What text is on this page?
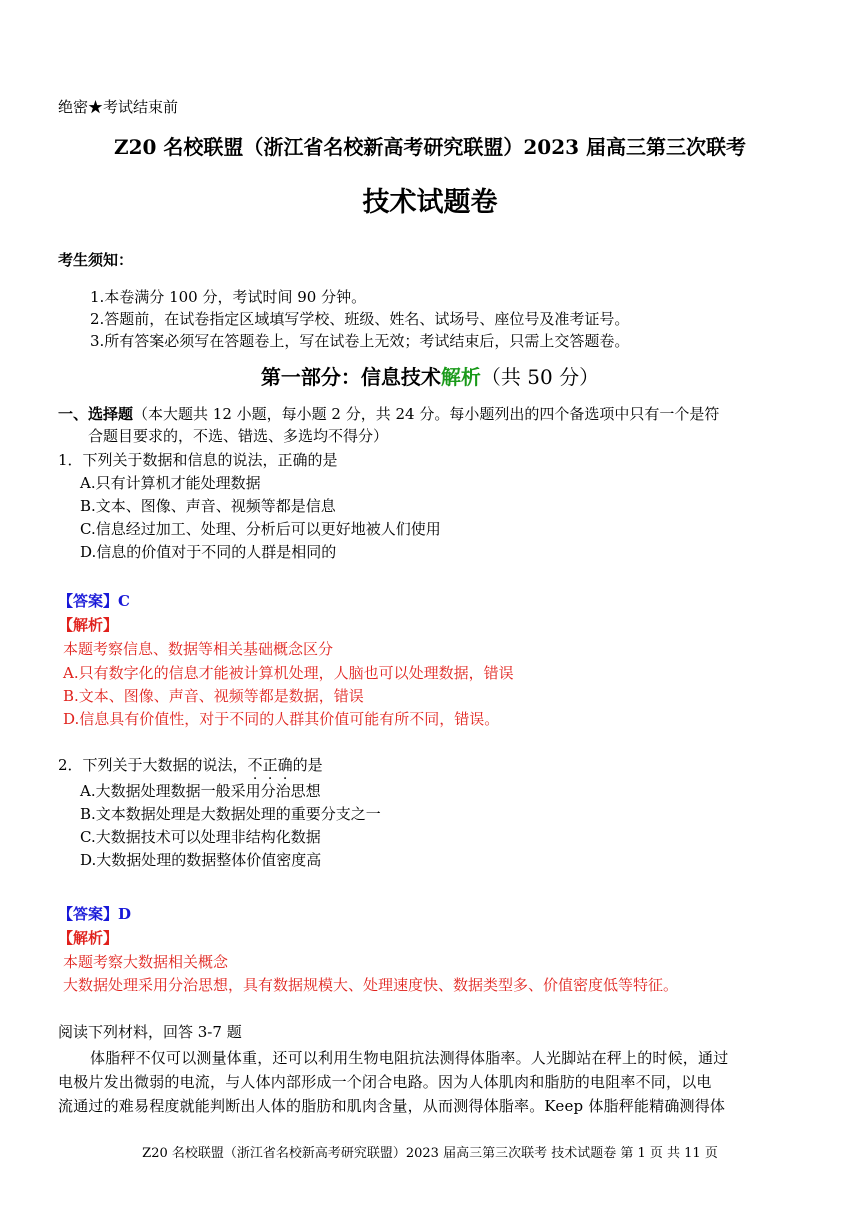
绝密★考试结束前
Z20 名校联盟（浙江省名校新高考研究联盟）2023 届高三第三次联考
技术试题卷
考生须知：
1.本卷满分 100 分，考试时间 90 分钟。
2.答题前，在试卷指定区域填写学校、班级、姓名、试场号、座位号及准考证号。
3.所有答案必须写在答题卷上，写在试卷上无效；考试结束后，只需上交答题卷。
第一部分：信息技术解析（共 50 分）
一、选择题（本大题共 12 小题，每小题 2 分，共 24 分。每小题列出的四个备选项中只有一个是符
合题目要求的，不选、错选、多选均不得分）
1．下列关于数据和信息的说法，正确的是
A.只有计算机才能处理数据
B.文本、图像、声音、视频等都是信息
C.信息经过加工、处理、分析后可以更好地被人们使用
D.信息的价值对于不同的人群是相同的
【答案】C
【解析】
本题考察信息、数据等相关基础概念区分
A.只有数字化的信息才能被计算机处理，人脑也可以处理数据，错误
B.文本、图像、声音、视频等都是数据，错误
D.信息具有价值性，对于不同的人群其价值可能有所不同，错误。
2．下列关于大数据的说法，不正确的是
A.大数据处理数据一般采用分治思想
B.文本数据处理是大数据处理的重要分支之一
C.大数据技术可以处理非结构化数据
D.大数据处理的数据整体价值密度高
【答案】D
【解析】
本题考察大数据相关概念
大数据处理采用分治思想，具有数据规模大、处理速度快、数据类型多、价值密度低等特征。
阅读下列材料，回答 3-7 题
体脂秤不仅可以测量体重，还可以利用生物电阻抗法测得体脂率。人光脚站在秤上的时候，通过
电极片发出微弱的电流，与人体内部形成一个闭合电路。因为人体肌肉和脂肪的电阻率不同，以电
流通过的难易程度就能判断出人体的脂肪和肌肉含量，从而测得体脂率。Keep 体脂秤能精确测得体
Z20 名校联盟（浙江省名校新高考研究联盟）2023 届高三第三次联考 技术试题卷 第 1 页 共 11 页
